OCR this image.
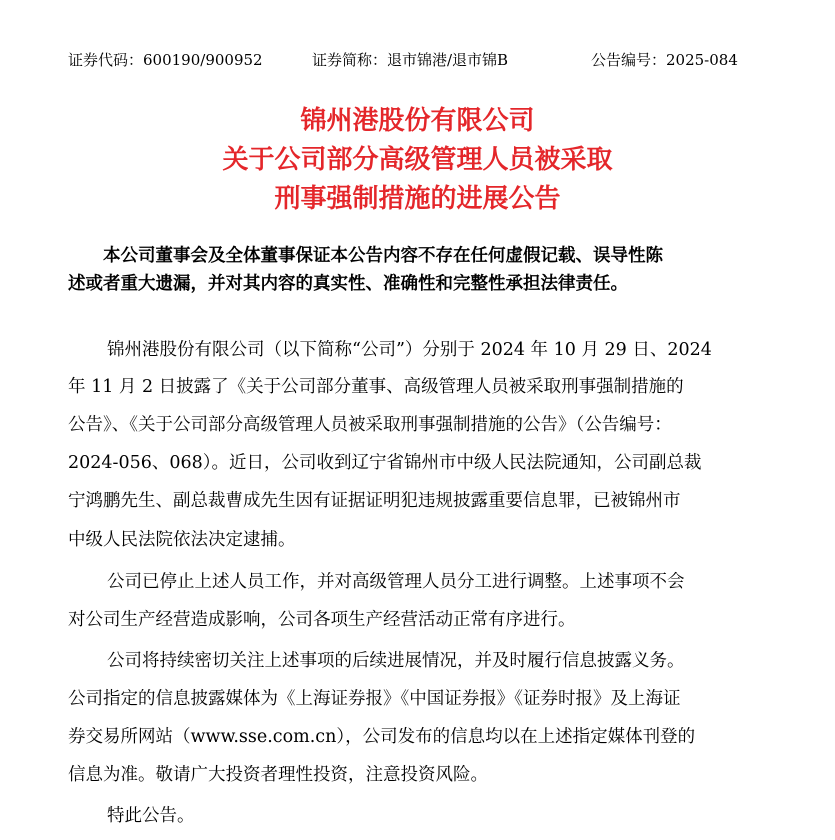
证券代码：600190/900952	证券简称：退市锦港/退市锦B	公告编号：2025-084
锦州港股份有限公司
关于公司部分高级管理人员被采取
刑事强制措施的进展公告
本公司董事会及全体董事保证本公告内容不存在任何虚假记载、误导性陈
述或者重大遗漏，并对其内容的真实性、准确性和完整性承担法律责任。
锦州港股份有限公司（以下简称“公司”）分别于 2024 年 10 月 29 日、2024
年 11 月 2 日披露了《关于公司部分董事、高级管理人员被采取刑事强制措施的
公告》、《关于公司部分高级管理人员被采取刑事强制措施的公告》（公告编号：
2024-056、068）。近日，公司收到辽宁省锦州市中级人民法院通知，公司副总裁
宁鸿鹏先生、副总裁曹成先生因有证据证明犯违规披露重要信息罪，已被锦州市
中级人民法院依法决定逮捕。
公司已停止上述人员工作，并对高级管理人员分工进行调整。上述事项不会
对公司生产经营造成影响，公司各项生产经营活动正常有序进行。
公司将持续密切关注上述事项的后续进展情况，并及时履行信息披露义务。
公司指定的信息披露媒体为《上海证券报》《中国证券报》《证券时报》及上海证
券交易所网站（www.sse.com.cn），公司发布的信息均以在上述指定媒体刊登的
信息为准。敬请广大投资者理性投资，注意投资风险。
特此公告。
